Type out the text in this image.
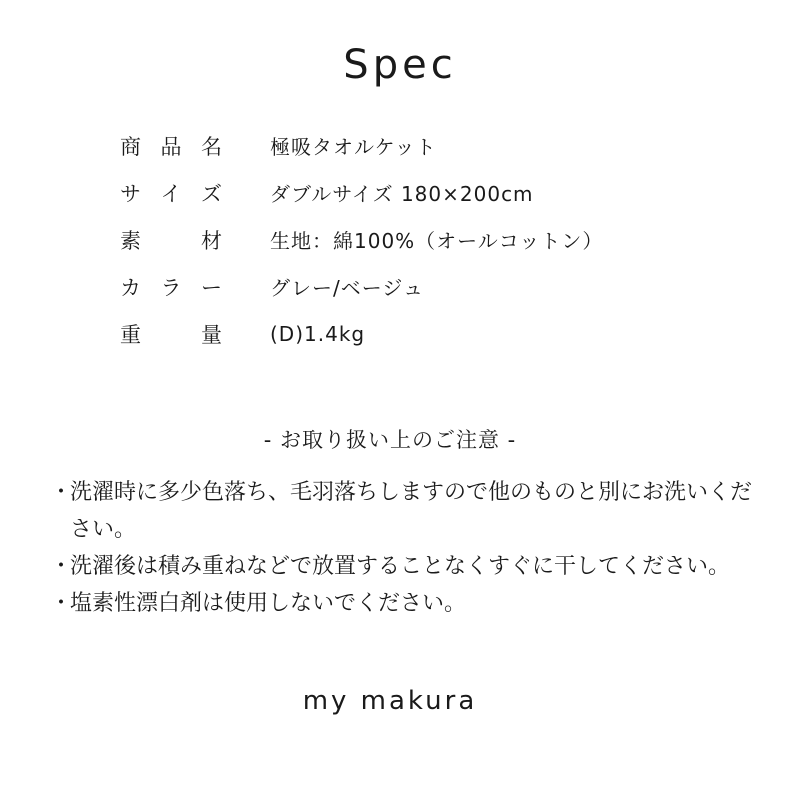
Spec
商 品 名 極吸タオルケット
サ イ ズ ダブルサイズ 180×200cm
素	材 生地：綿100%（オールコットン）
カ ラ ー グレー/ベージュ
重	量 (D)1.4kg
- お取り扱い上のご注意 -
・
洗濯時に多少色落ち、毛羽落ちしますので他のものと別にお洗いください。
・
洗濯後は積み重ねなどで放置することなくすぐに干してください。
・
塩素性漂白剤は使用しないでください。
my makura
